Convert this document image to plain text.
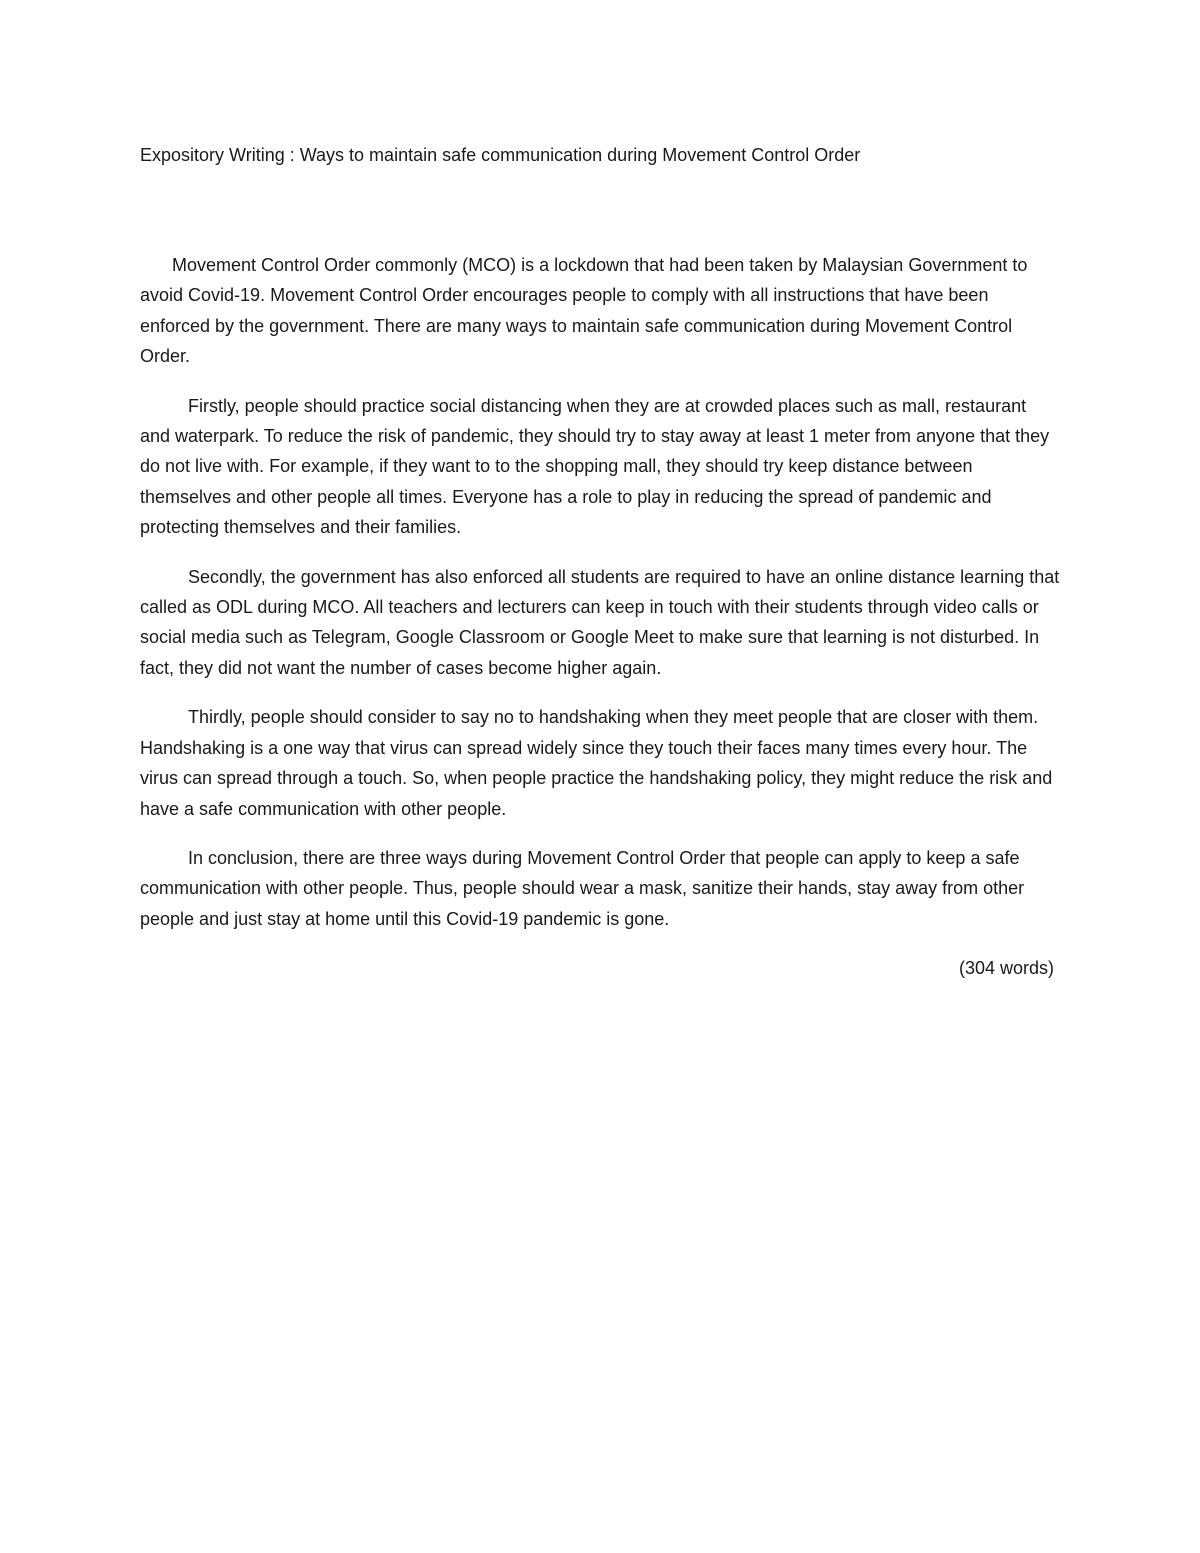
Expository Writing : Ways to maintain safe communication during Movement Control Order

Movement Control Order commonly (MCO) is a lockdown that had been taken by Malaysian Government to avoid Covid-19. Movement Control Order encourages people to comply with all instructions that have been enforced by the government. There are many ways to maintain safe communication during Movement Control Order.

Firstly, people should practice social distancing when they are at crowded places such as mall, restaurant and waterpark. To reduce the risk of pandemic, they should try to stay away at least 1 meter from anyone that they do not live with. For example, if they want to to the shopping mall, they should try keep distance between themselves and other people all times. Everyone has a role to play in reducing the spread of pandemic and protecting themselves and their families.

Secondly, the government has also enforced all students are required to have an online distance learning that called as ODL during MCO. All teachers and lecturers can keep in touch with their students through video calls or social media such as Telegram, Google Classroom or Google Meet to make sure that learning is not disturbed. In fact, they did not want the number of cases become higher again.

Thirdly, people should consider to say no to handshaking when they meet people that are closer with them. Handshaking is a one way that virus can spread widely since they touch their faces many times every hour. The virus can spread through a touch. So, when people practice the handshaking policy, they might reduce the risk and have a safe communication with other people.

In conclusion, there are three ways during Movement Control Order that people can apply to keep a safe communication with other people. Thus, people should wear a mask, sanitize their hands, stay away from other people and just stay at home until this Covid-19 pandemic is gone.

(304 words)
